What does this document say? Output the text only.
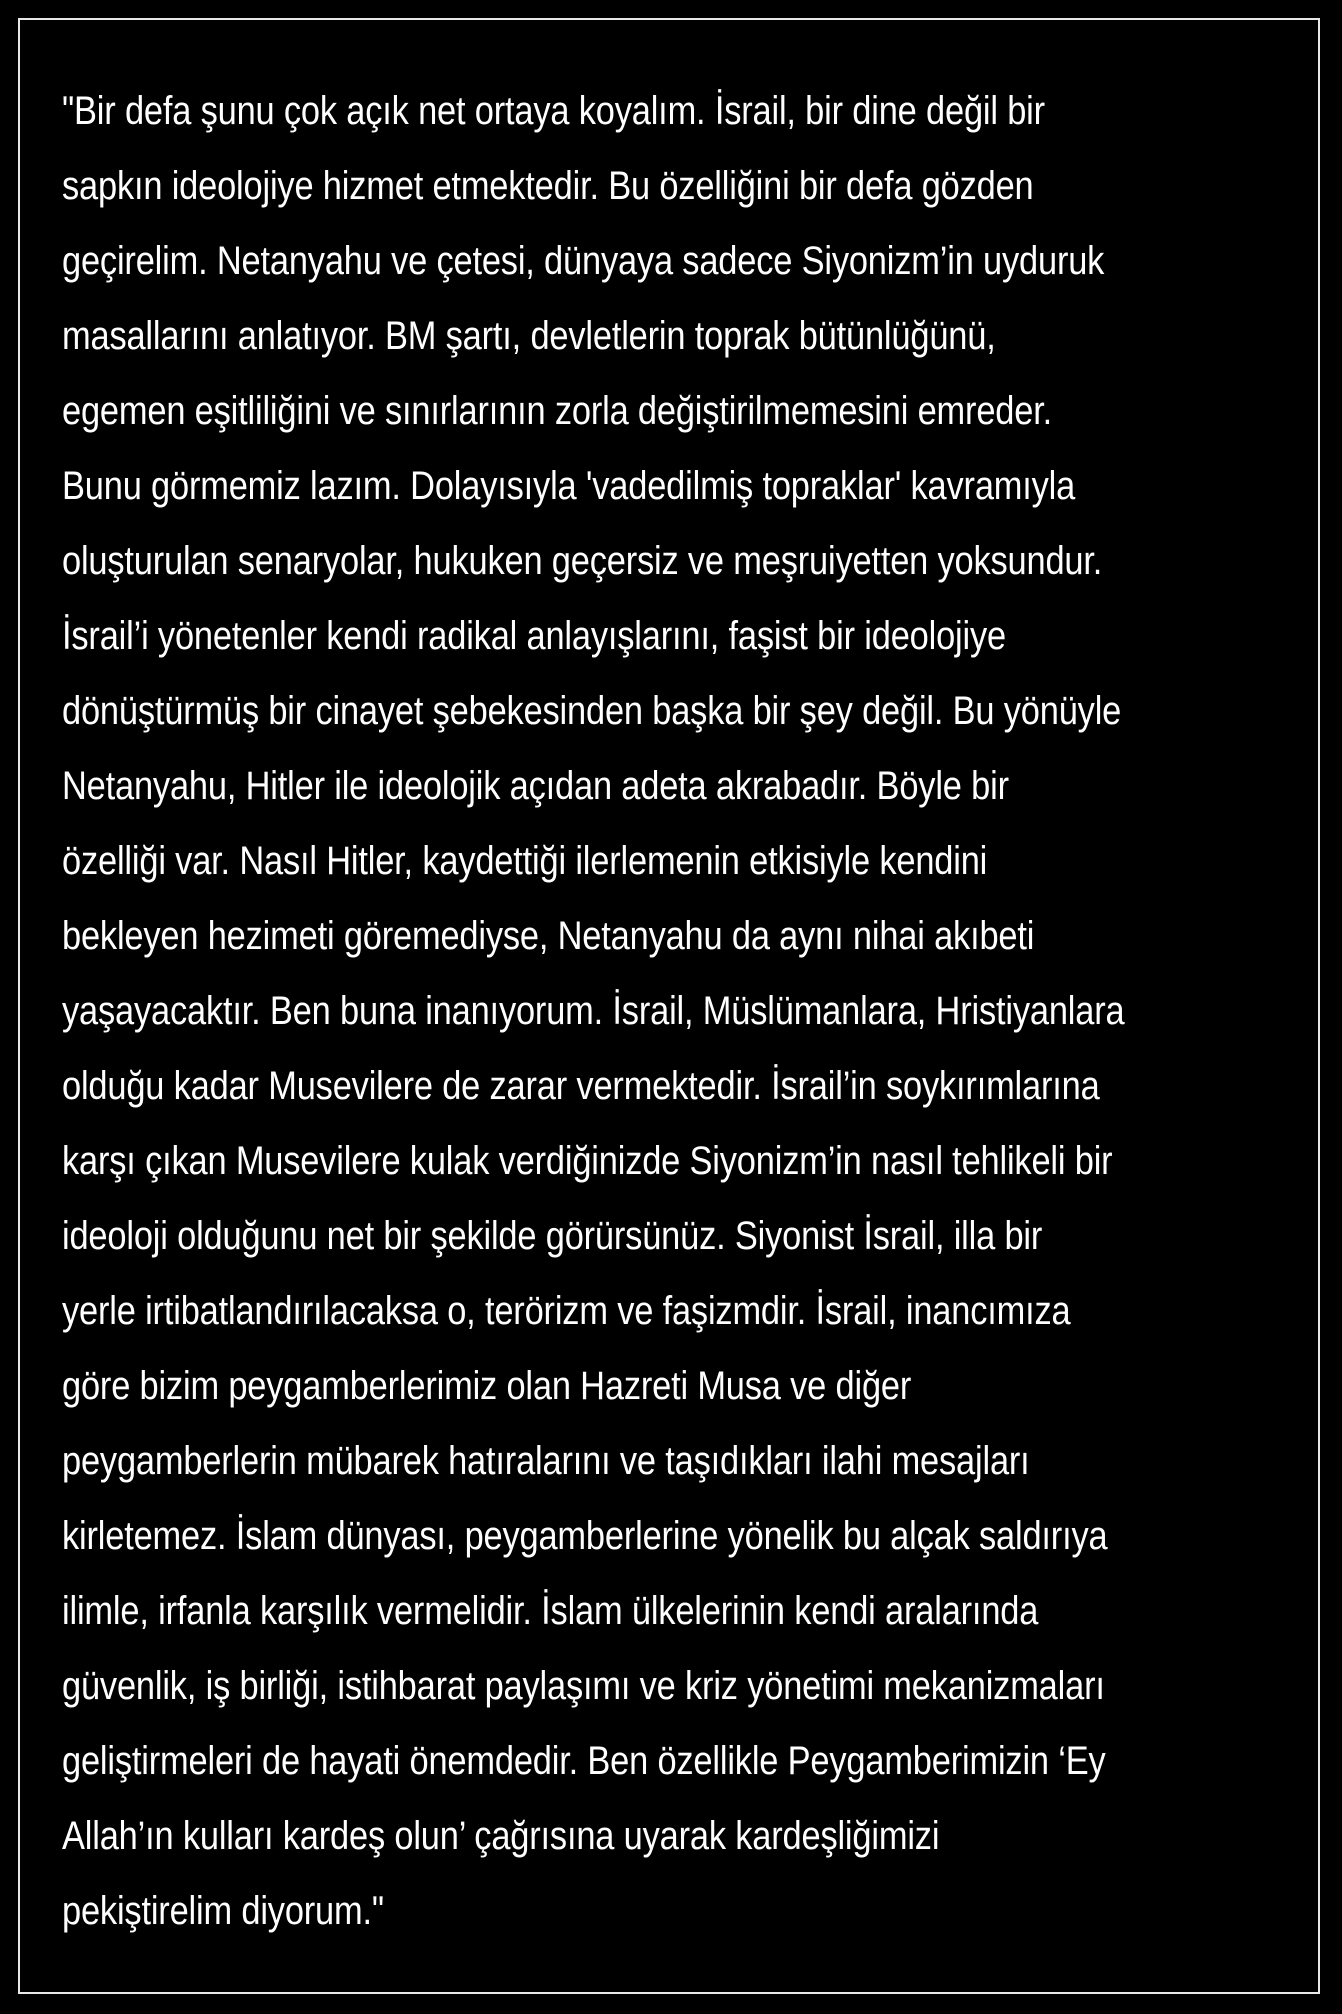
"Bir defa şunu çok açık net ortaya koyalım. İsrail, bir dine değil bir
sapkın ideolojiye hizmet etmektedir. Bu özelliğini bir defa gözden
geçirelim. Netanyahu ve çetesi, dünyaya sadece Siyonizm’in uyduruk
masallarını anlatıyor. BM şartı, devletlerin toprak bütünlüğünü,
egemen eşitliliğini ve sınırlarının zorla değiştirilmemesini emreder.
Bunu görmemiz lazım. Dolayısıyla 'vadedilmiş topraklar' kavramıyla
oluşturulan senaryolar, hukuken geçersiz ve meşruiyetten yoksundur.
İsrail’i yönetenler kendi radikal anlayışlarını, faşist bir ideolojiye
dönüştürmüş bir cinayet şebekesinden başka bir şey değil. Bu yönüyle
Netanyahu, Hitler ile ideolojik açıdan adeta akrabadır. Böyle bir
özelliği var. Nasıl Hitler, kaydettiği ilerlemenin etkisiyle kendini
bekleyen hezimeti göremediyse, Netanyahu da aynı nihai akıbeti
yaşayacaktır. Ben buna inanıyorum. İsrail, Müslümanlara, Hristiyanlara
olduğu kadar Musevilere de zarar vermektedir. İsrail’in soykırımlarına
karşı çıkan Musevilere kulak verdiğinizde Siyonizm’in nasıl tehlikeli bir
ideoloji olduğunu net bir şekilde görürsünüz. Siyonist İsrail, illa bir
yerle irtibatlandırılacaksa o, terörizm ve faşizmdir. İsrail, inancımıza
göre bizim peygamberlerimiz olan Hazreti Musa ve diğer
peygamberlerin mübarek hatıralarını ve taşıdıkları ilahi mesajları
kirletemez. İslam dünyası, peygamberlerine yönelik bu alçak saldırıya
ilimle, irfanla karşılık vermelidir. İslam ülkelerinin kendi aralarında
güvenlik, iş birliği, istihbarat paylaşımı ve kriz yönetimi mekanizmaları
geliştirmeleri de hayati önemdedir. Ben özellikle Peygamberimizin ‘Ey
Allah’ın kulları kardeş olun’ çağrısına uyarak kardeşliğimizi
pekiştirelim diyorum."
